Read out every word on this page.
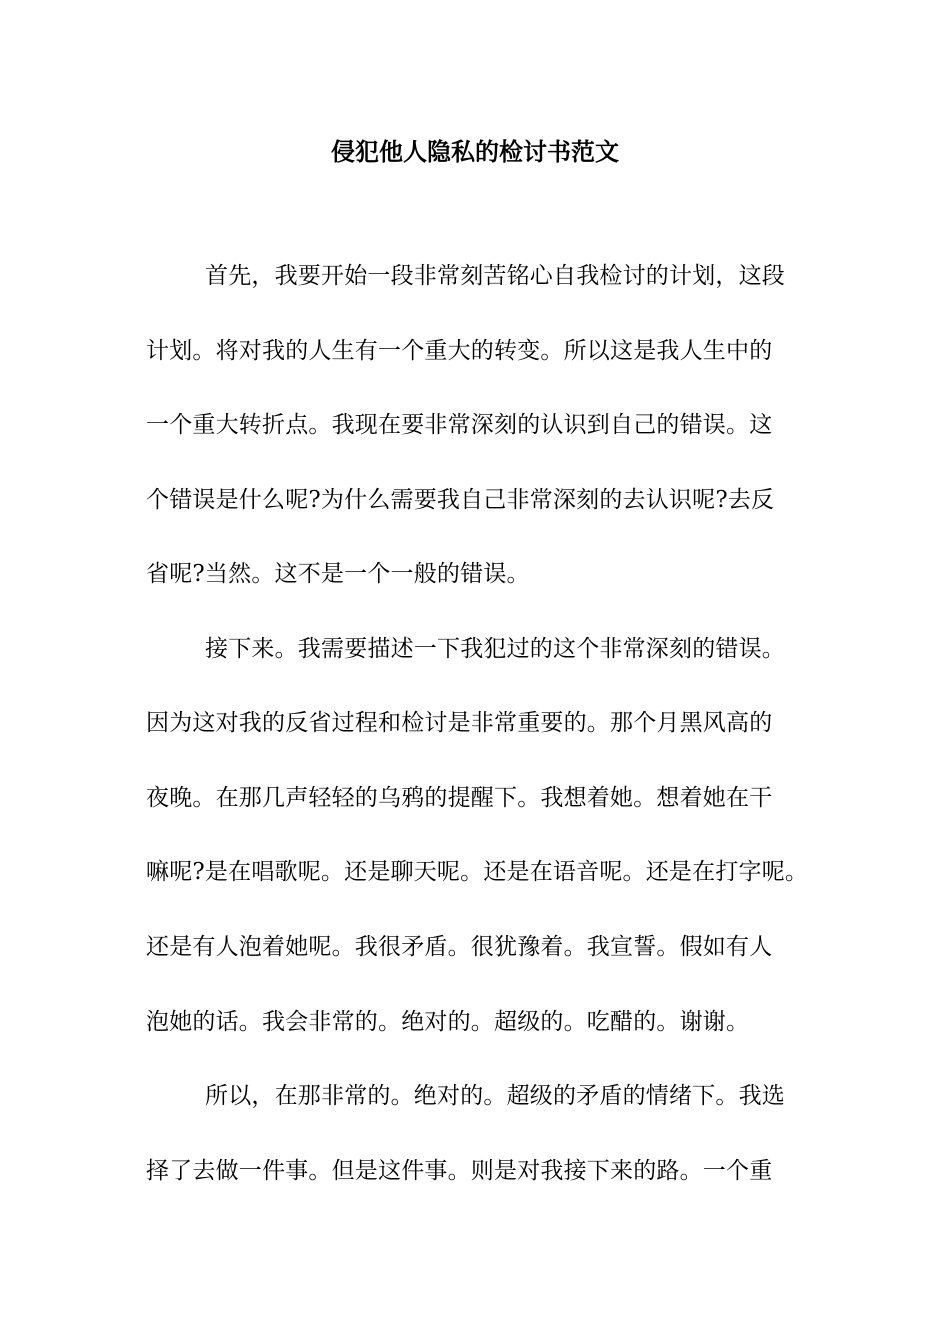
侵犯他人隐私的检讨书范文
首先，我要开始一段非常刻苦铭心自我检讨的计划，这段
计划。将对我的人生有一个重大的转变。所以这是我人生中的
一个重大转折点。我现在要非常深刻的认识到自己的错误。这
个错误是什么呢?为什么需要我自己非常深刻的去认识呢?去反
省呢?当然。这不是一个一般的错误。
接下来。我需要描述一下我犯过的这个非常深刻的错误。
因为这对我的反省过程和检讨是非常重要的。那个月黑风高的
夜晚。在那几声轻轻的乌鸦的提醒下。我想着她。想着她在干
嘛呢?是在唱歌呢。还是聊天呢。还是在语音呢。还是在打字呢。
还是有人泡着她呢。我很矛盾。很犹豫着。我宣誓。假如有人
泡她的话。我会非常的。绝对的。超级的。吃醋的。谢谢。
所以，在那非常的。绝对的。超级的矛盾的情绪下。我选
择了去做一件事。但是这件事。则是对我接下来的路。一个重
